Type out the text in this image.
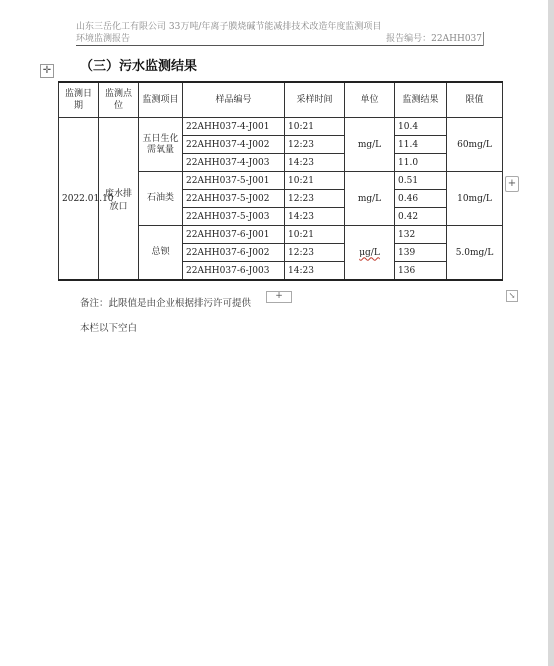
山东三岳化工有限公司 33万吨/年离子膜烧碱节能减排技术改造年度监测项目
环境监测报告	报告编号：22AHH037
✛ （三）污水监测结果
监测日期	监测点位	监测项目	样品编号	采样时间	单位	监测结果	限值
2022.01.10	废水排放口	五日生化需氧量	22AHH037-4-J001	10:21	mg/L	10.4	60mg/L
			22AHH037-4-J002	12:23		11.4	
			22AHH037-4-J003	14:23		11.0	
		石油类	22AHH037-5-J001	10:21	mg/L	0.51	10mg/L
			22AHH037-5-J002	12:23		0.46	
			22AHH037-5-J003	14:23		0.42	
		总钡	22AHH037-6-J001	10:21	μg/L	132	5.0mg/L
			22AHH037-6-J002	12:23		139	
			22AHH037-6-J003	14:23		136	
+
备注：此限值是由企业根据排污许可提供
+	↘
本栏以下空白
